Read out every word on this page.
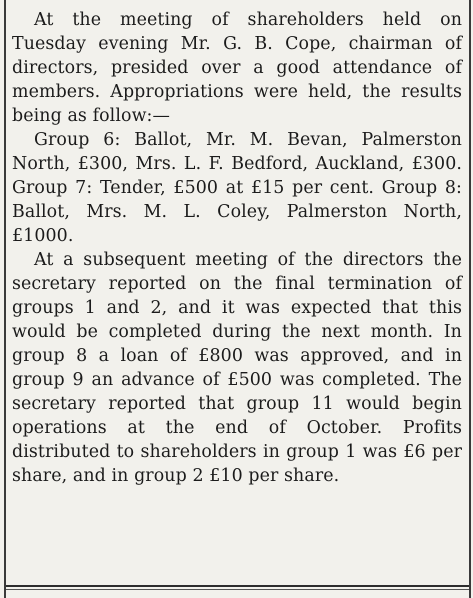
At the meeting of shareholders held on Tuesday evening Mr. G. B. Cope, chairman of directors, presided over a good attendance of members. Appropriations were held, the results being as follow:—

Group 6: Ballot, Mr. M. Bevan, Palmerston North, £300, Mrs. L. F. Bedford, Auckland, £300. Group 7: Tender, £500 at £15 per cent. Group 8: Ballot, Mrs. M. L. Coley, Palmerston North, £1000.

At a subsequent meeting of the directors the secretary reported on the final termination of groups 1 and 2, and it was expected that this would be completed during the next month. In group 8 a loan of £800 was approved, and in group 9 an advance of £500 was completed. The secretary reported that group 11 would begin operations at the end of October. Profits distributed to shareholders in group 1 was £6 per share, and in group 2 £10 per share.
